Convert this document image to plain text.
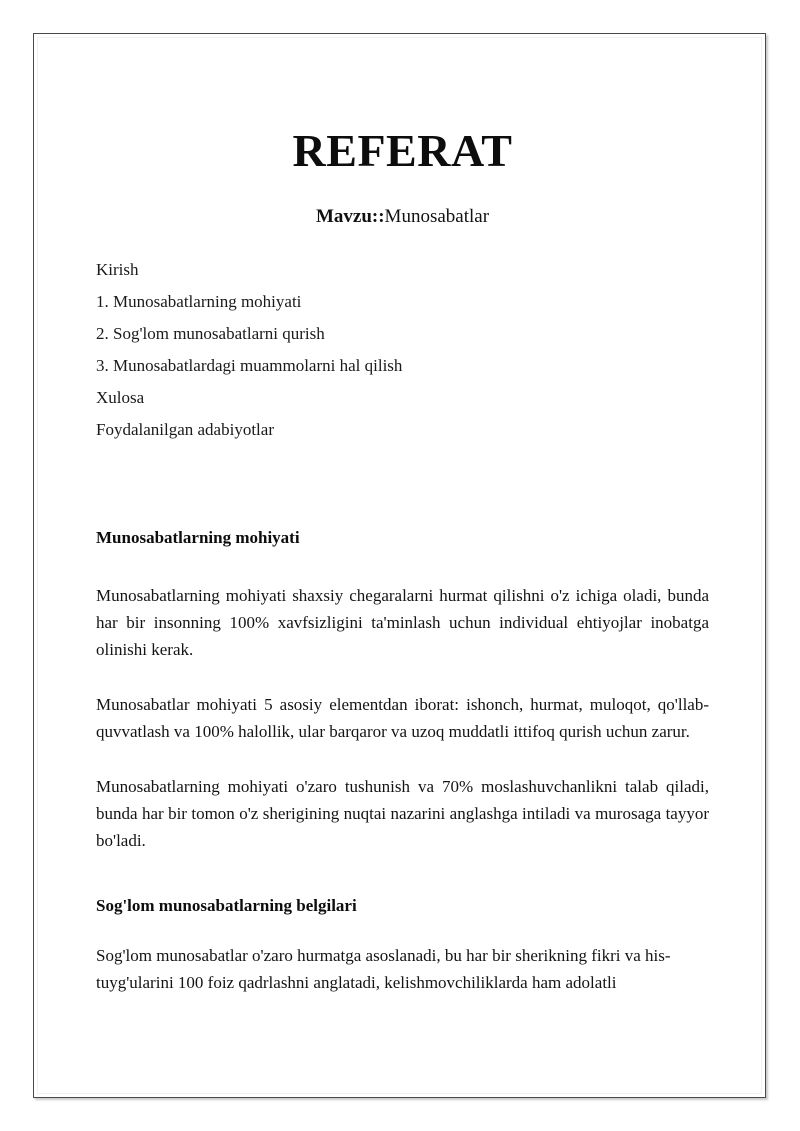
REFERAT

Mavzu::Munosabatlar

Kirish
1. Munosabatlarning mohiyati
2. Sog'lom munosabatlarni qurish
3. Munosabatlardagi muammolarni hal qilish
Xulosa
Foydalanilgan adabiyotlar
Munosabatlarning mohiyati

Munosabatlarning mohiyati shaxsiy chegaralarni hurmat qilishni o'z ichiga oladi, bunda har bir insonning 100% xavfsizligini ta'minlash uchun individual ehtiyojlar inobatga olinishi kerak.

Munosabatlar mohiyati 5 asosiy elementdan iborat: ishonch, hurmat, muloqot, qo'llab-quvvatlash va 100% halollik, ular barqaror va uzoq muddatli ittifoq qurish uchun zarur.

Munosabatlarning mohiyati o'zaro tushunish va 70% moslashuvchanlikni talab qiladi, bunda har bir tomon o'z sherigining nuqtai nazarini anglashga intiladi va murosaga tayyor bo'ladi.

Sog'lom munosabatlarning belgilari

Sog'lom munosabatlar o'zaro hurmatga asoslanadi, bu har bir sherikning fikri va his-tuyg'ularini 100 foiz qadrlashni anglatadi, kelishmovchiliklarda ham adolatli
